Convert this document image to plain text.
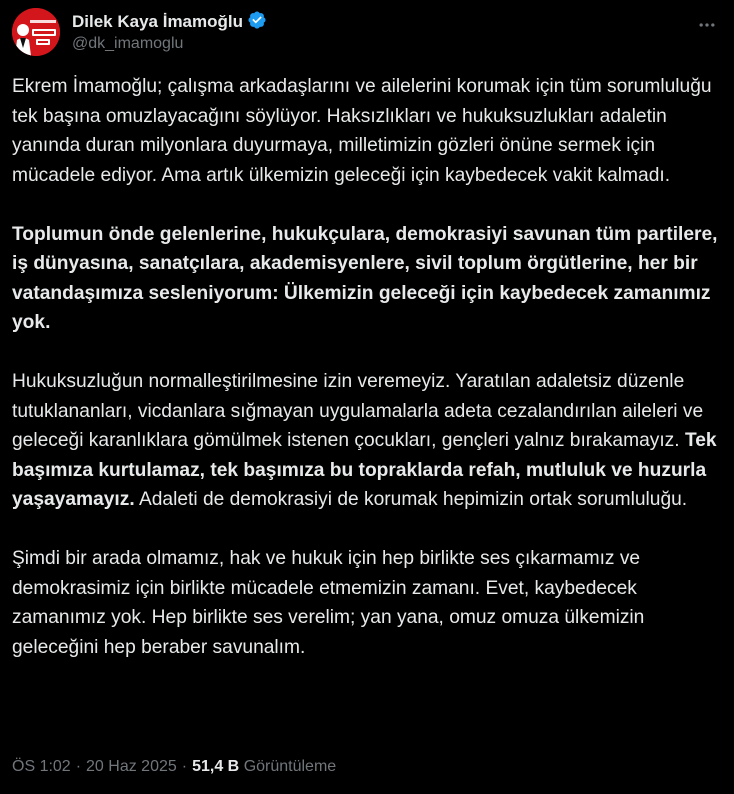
Dilek Kaya İmamoğlu
@dk_imamoglu

Ekrem İmamoğlu; çalışma arkadaşlarını ve ailelerini korumak için tüm sorumluluğu tek başına omuzlayacağını söylüyor. Haksızlıkları ve hukuksuzlukları adaletin yanında duran milyonlara duyurmaya, milletimizin gözleri önüne sermek için mücadele ediyor. Ama artık ülkemizin geleceği için kaybedecek vakit kalmadı.

Toplumun önde gelenlerine, hukukçulara, demokrasiyi savunan tüm partilere, iş dünyasına, sanatçılara, akademisyenlere, sivil toplum örgütlerine, her bir vatandaşımıza sesleniyorum: Ülkemizin geleceği için kaybedecek zamanımız yok.

Hukuksuzluğun normalleştirilmesine izin veremeyiz. Yaratılan adaletsiz düzenle tutuklananları, vicdanlara sığmayan uygulamalarla adeta cezalandırılan aileleri ve geleceği karanlıklara gömülmek istenen çocukları, gençleri yalnız bırakamayız. Tek başımıza kurtulamaz, tek başımıza bu topraklarda refah, mutluluk ve huzurla yaşayamayız. Adaleti de demokrasiyi de korumak hepimizin ortak sorumluluğu.

Şimdi bir arada olmamız, hak ve hukuk için hep birlikte ses çıkarmamız ve demokrasimiz için birlikte mücadele etmemizin zamanı. Evet, kaybedecek zamanımız yok. Hep birlikte ses verelim; yan yana, omuz omuza ülkemizin geleceğini hep beraber savunalım.

ÖS 1:02 · 20 Haz 2025 · 51,4 B Görüntüleme
